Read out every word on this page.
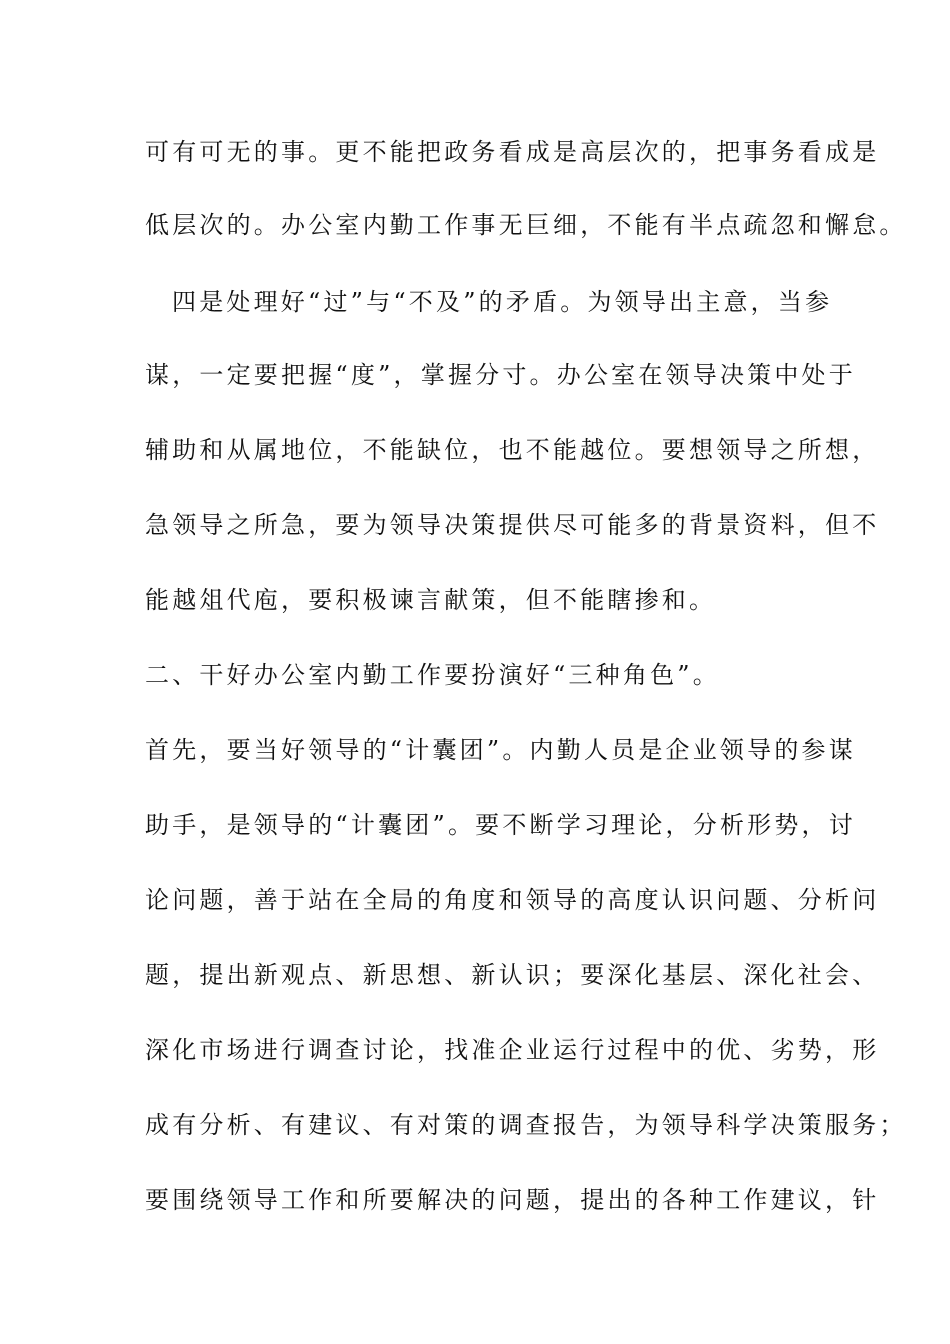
可有可无的事。更不能把政务看成是高层次的，把事务看成是
低层次的。办公室内勤工作事无巨细，不能有半点疏忽和懈怠。
四是处理好“过”与“不及”的矛盾。为领导出主意，当参
谋，一定要把握“度”，掌握分寸。办公室在领导决策中处于
辅助和从属地位，不能缺位，也不能越位。要想领导之所想，
急领导之所急，要为领导决策提供尽可能多的背景资料，但不
能越俎代庖，要积极谏言献策，但不能瞎掺和。
二、干好办公室内勤工作要扮演好“三种角色”。
首先，要当好领导的“计囊团”。内勤人员是企业领导的参谋
助手，是领导的“计囊团”。要不断学习理论，分析形势，讨
论问题，善于站在全局的角度和领导的高度认识问题、分析问
题，提出新观点、新思想、新认识；要深化基层、深化社会、
深化市场进行调查讨论，找准企业运行过程中的优、劣势，形
成有分析、有建议、有对策的调查报告，为领导科学决策服务；
要围绕领导工作和所要解决的问题，提出的各种工作建议，针
